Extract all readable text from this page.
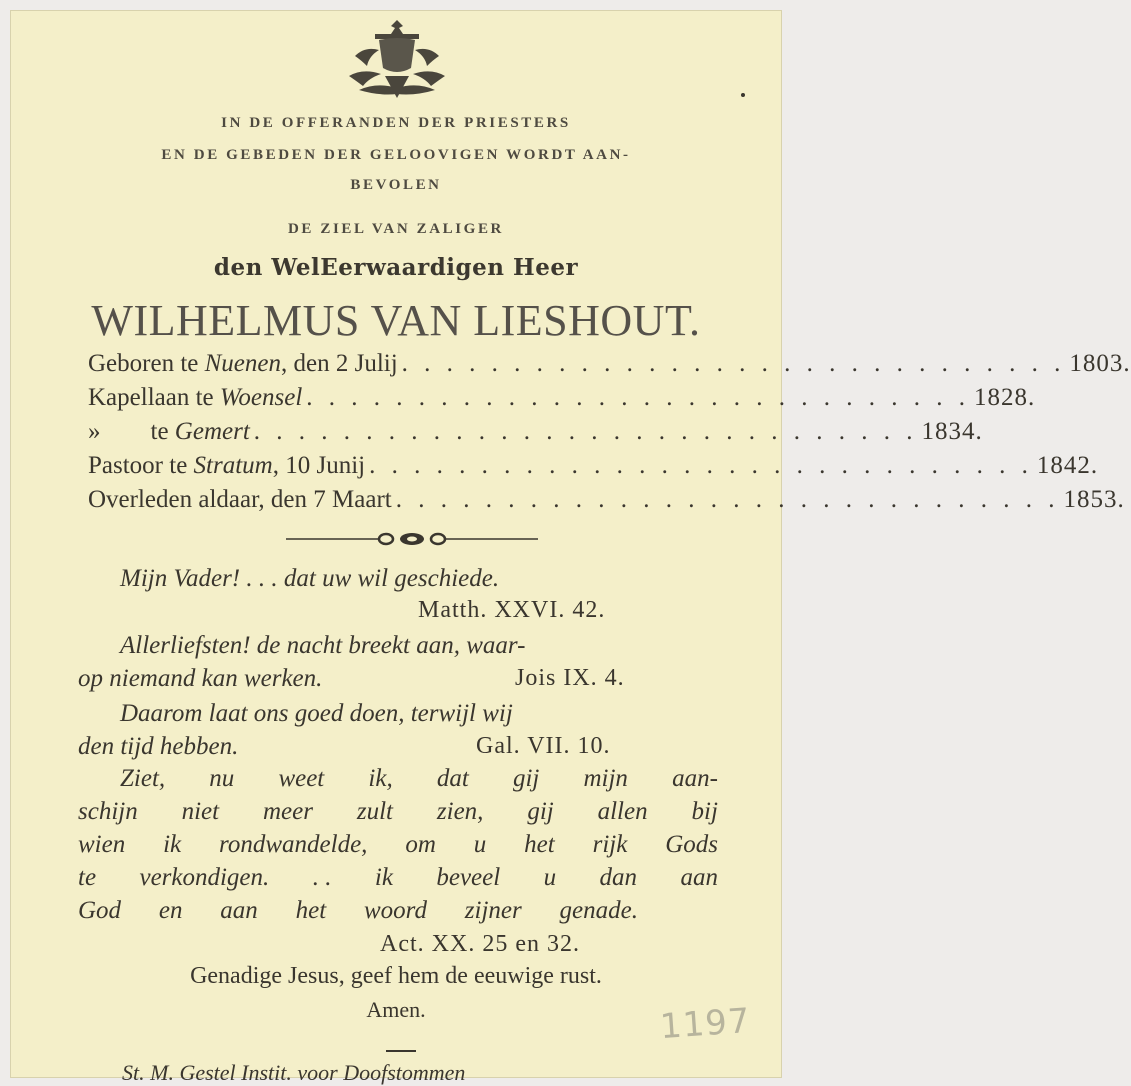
IN DE OFFERANDEN DER PRIESTERS
EN DE GEBEDEN DER GELOOVIGEN WORDT AAN-
BEVOLEN
DE ZIEL VAN ZALIGER
den WelEerwaardigen Heer
WILHELMUS VAN LIESHOUT.
Geboren te Nuenen , den 2 Julij . . . . . . . . . . . . . . . . . . . . . . . . . . . . . . 1803.
Kapellaan te Woensel . . . . . . . . . . . . . . . . . . . . . . . . . . . . . . 1828.
»        te Gemert . . . . . . . . . . . . . . . . . . . . . . . . . . . . . . 1834.
Pastoor te Stratum , 10 Junij . . . . . . . . . . . . . . . . . . . . . . . . . . . . . . 1842.
Overleden aldaar, den 7 Maart . . . . . . . . . . . . . . . . . . . . . . . . . . . . . . 1853.
Mijn Vader! . . . dat uw wil geschiede.
Matth. XXVI. 42.
Allerliefsten! de nacht breekt aan, waar-
op niemand kan werken.	Jois IX. 4.
Daarom laat ons goed doen, terwijl wij
den tijd hebben.	Gal. VII. 10.
Ziet, nu weet ik, dat gij mijn aan-
schijn niet meer zult zien, gij allen bij
wien ik rondwandelde, om u het rijk Gods
te verkondigen. . . ik beveel u dan aan
God en aan het woord zijner genade.
Act. XX. 25 en 32.
Genadige Jesus, geef hem de eeuwige rust.
Amen.	1197
St. M. Gestel Instit. voor Doofstommen
